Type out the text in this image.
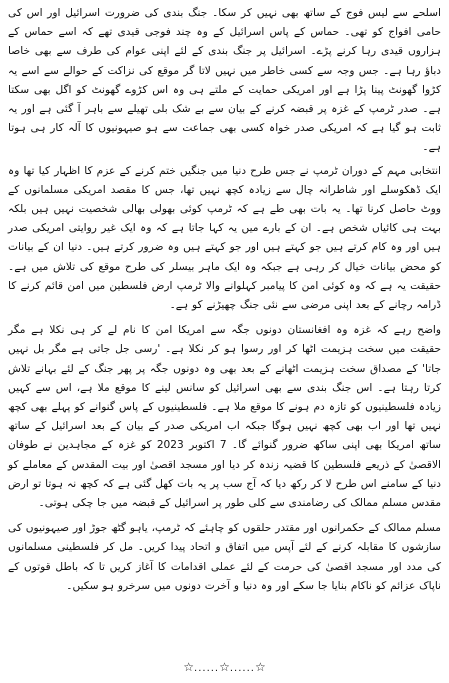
اسلحے سے لیس فوج کے ساتھ بھی نہیں کر سکا۔ جنگ بندی کی ضرورت اسرائیل اور اس کی حامی افواج کو تھی۔ حماس کے پاس اسرائیل کے وہ چند فوجی قیدی تھے کہ اسے حماس کے ہزاروں قیدی رہا کرنے پڑے۔ اسرائیل پر جنگ بندی کے لئے اپنی عوام کی طرف سے بھی خاصا دباؤ رہا ہے۔ جس وجہ سے کسی خاطر میں نہیں لاتا گر موقع کی نزاکت کے حوالے سے اسے یہ کڑوا گھونٹ پینا پڑا ہے اور امریکی حمایت کے ملتے ہی وہ اس کڑوے گھونٹ کو اگل بھی سکتا ہے۔ صدر ٹرمپ کے غزہ پر قبضہ کرنے کے بیان سے بے شک بلی تھیلے سے باہر آ گئی ہے اور یہ ثابت ہو گیا ہے کہ امریکی صدر خواہ کسی بھی جماعت سے ہو صیہونیوں کا آلہ کار ہی ہوتا ہے۔

انتخابی مہم کے دوران ٹرمپ نے جس طرح دنیا میں جنگیں ختم کرنے کے عزم کا اظہار کیا تھا وہ ایک ڈھکوسلے اور شاطرانہ چال سے زیادہ کچھ نہیں تھا، جس کا مقصد امریکی مسلمانوں کے ووٹ حاصل کرنا تھا۔ یہ بات بھی طے ہے کہ ٹرمپ کوئی بھولی بھالی شخصیت نہیں ہیں بلکہ بہت ہی کائیاں شخص ہے۔ ان کے بارے میں یہ کہا جاتا ہے کہ وہ ایک غیر روایتی امریکی صدر ہیں اور وہ کام کرتے ہیں جو کہتے ہیں اور جو کہتے ہیں وہ ضرور کرتے ہیں۔ دنیا ان کے بیانات کو محض بیانات خیال کر رہی ہے جبکہ وہ ایک ماہر بیسلر کی طرح موقع کی تلاش میں ہے۔ حقیقت یہ ہے کہ وہ کوئی امن کا پیامبر کہلوانے والا ٹرمپ ارض فلسطین میں امن قائم کرنے کا ڈرامہ رچانے کے بعد اپنی مرضی سے نئی جنگ چھیڑنے کو ہے۔

واضح رہے کہ غزہ وہ افغانستان دونوں جگہ سے امریکا امن کا نام لے کر ہی نکلا ہے مگر حقیقت میں سخت ہزیمت اٹھا کر اور رسوا ہو کر نکلا ہے۔ 'رسی جل جاتی ہے مگر بل نہیں جاتا' کے مصداق سخت ہزیمت اٹھانے کے بعد بھی وہ دونوں جگہ پر پھر جنگ کے لئے بہانے تلاش کرتا رہتا ہے۔ اس جنگ بندی سے بھی اسرائیل کو سانس لینے کا موقع ملا ہے، اس سے کہیں زیادہ فلسطینیوں کو تازہ دم ہونے کا موقع ملا ہے۔ فلسطینیوں کے پاس گنوانے کو پہلے بھی کچھ نہیں تھا اور اب بھی کچھ نہیں ہوگا جبکہ اب امریکی صدر کے بیان کے بعد اسرائیل کے ساتھ ساتھ امریکا بھی اپنی ساکھ ضرور گنوائے گا۔ 7 اکتوبر 2023 کو غزہ کے مجاہدین نے طوفان الاقصیٰ کے ذریعے فلسطین کا قضیہ زندہ کر دیا اور مسجد اقصیٰ اور بیت المقدس کے معاملے کو دنیا کے سامنے اس طرح لا کر رکھ دیا کہ آج سب پر یہ بات کھل گئی ہے کہ کچھ نہ ہوتا تو ارض مقدس مسلم ممالک کی رضامندی سے کلی طور پر اسرائیل کے قبضہ میں جا چکی ہوتی۔

مسلم ممالک کے حکمرانوں اور مقتدر حلقوں کو چاہئے کہ ٹرمپ، یاہو گٹھ جوڑ اور صیہونیوں کی سازشوں کا مقابلہ کرنے کے لئے آپس میں اتفاق و اتحاد پیدا کریں۔ مل کر فلسطینی مسلمانوں کی مدد اور مسجد اقصیٰ کی حرمت کے لئے عملی اقدامات کا آغاز کریں تا کہ باطل قوتوں کے ناپاک عزائم کو ناکام بنایا جا سکے اور وہ دنیا و آخرت دونوں میں سرخرو ہو سکیں۔

☆......☆......☆
